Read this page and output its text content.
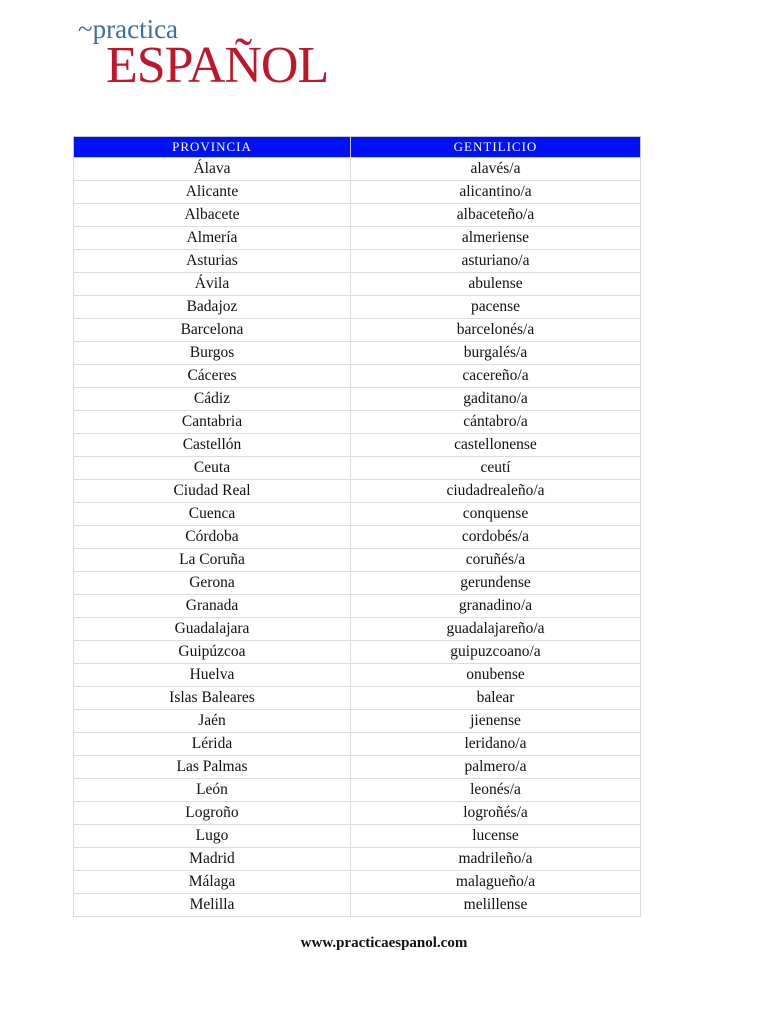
~practica
ESPAÑOL
PROVINCIA	GENTILICIO
Álava	alavés/a
Alicante	alicantino/a
Albacete	albaceteño/a
Almería	almeriense
Asturias	asturiano/a
Ávila	abulense
Badajoz	pacense
Barcelona	barcelonés/a
Burgos	burgalés/a
Cáceres	cacereño/a
Cádiz	gaditano/a
Cantabria	cántabro/a
Castellón	castellonense
Ceuta	ceutí
Ciudad Real	ciudadrealeño/a
Cuenca	conquense
Córdoba	cordobés/a
La Coruña	coruñés/a
Gerona	gerundense
Granada	granadino/a
Guadalajara	guadalajareño/a
Guipúzcoa	guipuzcoano/a
Huelva	onubense
Islas Baleares	balear
Jaén	jienense
Lérida	leridano/a
Las Palmas	palmero/a
León	leonés/a
Logroño	logroñés/a
Lugo	lucense
Madrid	madrileño/a
Málaga	malagueño/a
Melilla	melillense
www.practicaespanol.com
